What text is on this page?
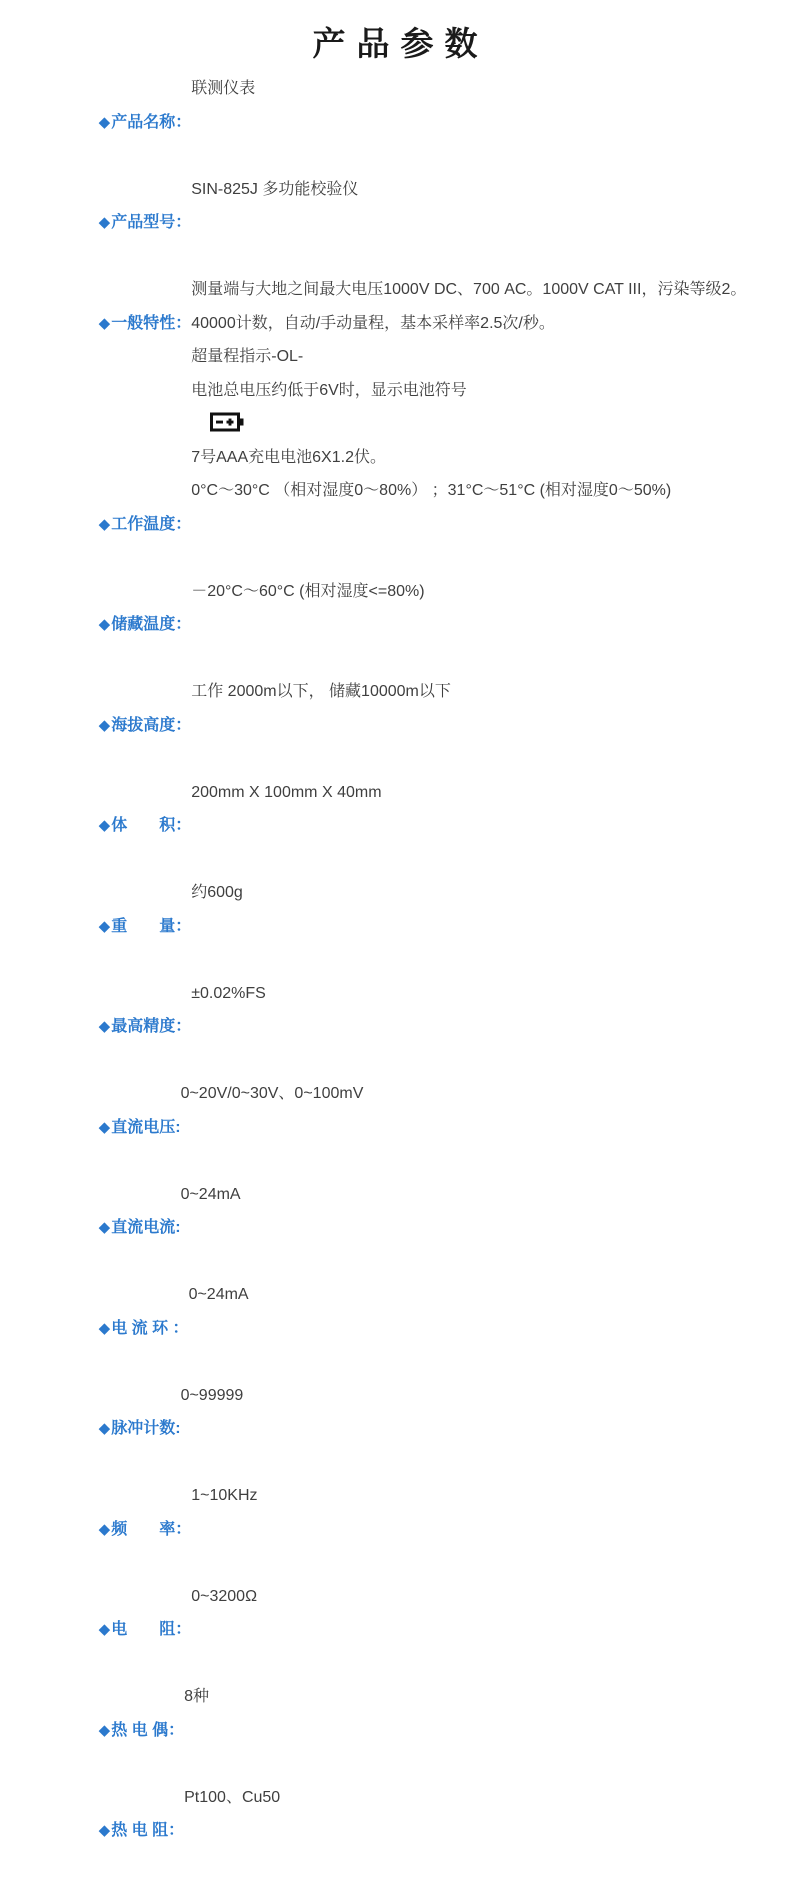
产品参数

◆产品名称：

联测仪表

◆产品型号：

SIN-825J 多功能校验仪

◆一般特性：

测量端与大地之间最大电压1000V DC、700 AC。1000V CAT III，污染等级2。
40000计数，自动/手动量程，基本采样率2.5次/秒。
超量程指示-OL-
电池总电压约低于6V时，显示电池符号

7号AAA充电电池6X1.2伏。

◆工作温度：

0°C～30°C （相对湿度0～80%） ；31°C～51°C (相对湿度0～50%)

◆储藏温度：

－20°C～60°C (相对湿度<=80%)

◆海拔高度：

工作 2000m以下， 储藏10000m以下

◆体　　积：

200mm X 100mm X 40mm

◆重　　量：

约600g

◆最高精度：

±0.02%FS

◆直流电压:

0~20V/0~30V、0~100mV

◆直流电流:

0~24mA

◆电 流 环 ：

0~24mA

◆脉冲计数:

0~99999

◆频　　率：

1~10KHz

◆电　　阻：

0~3200Ω

◆热 电 偶：

8种

◆热 电 阻：

Pt100、Cu50
